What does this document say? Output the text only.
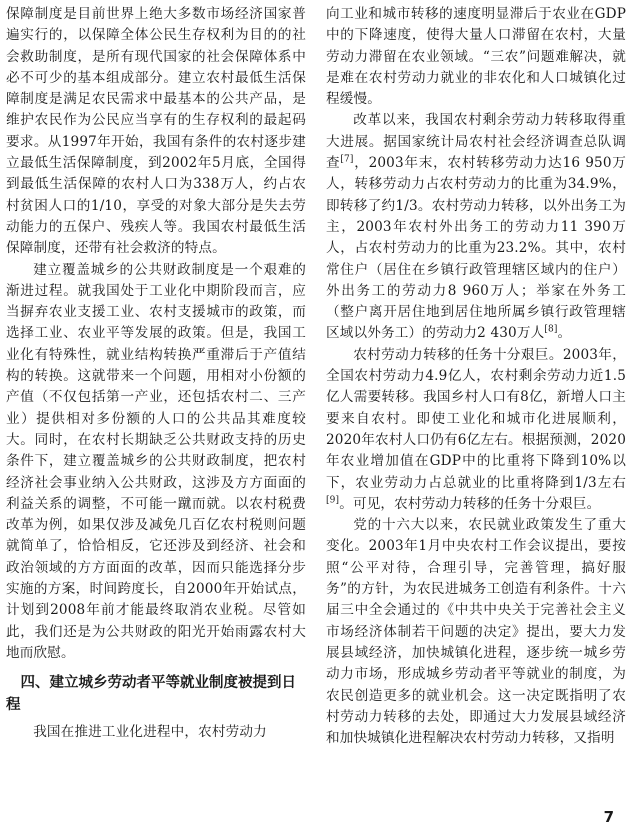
保障制度是目前世界上绝大多数市场经济国家普遍实行的，以保障全体公民生存权利为目的的社会救助制度，是所有现代国家的社会保障体系中必不可少的基本组成部分。建立农村最低生活保障制度是满足农民需求中最基本的公共产品，是维护农民作为公民应当享有的生存权利的最起码要求。从1997年开始，我国有条件的农村逐步建立最低生活保障制度，到2002年5月底，全国得到最低生活保障的农村人口为338万人，约占农村贫困人口的1/10，享受的对象大部分是失去劳动能力的五保户、残疾人等。我国农村最低生活保障制度，还带有社会救济的特点。

建立覆盖城乡的公共财政制度是一个艰难的渐进过程。就我国处于工业化中期阶段而言，应当摒弃农业支援工业、农村支援城市的政策，而选择工业、农业平等发展的政策。但是，我国工业化有特殊性，就业结构转换严重滞后于产值结构的转换。这就带来一个问题，用相对小份额的产值（不仅包括第一产业，还包括农村二、三产业）提供相对多份额的人口的公共品其难度较大。同时，在农村长期缺乏公共财政支持的历史条件下，建立覆盖城乡的公共财政制度，把农村经济社会事业纳入公共财政，这涉及方方面面的利益关系的调整，不可能一蹴而就。以农村税费改革为例，如果仅涉及减免几百亿农村税则问题就简单了，恰恰相反，它还涉及到经济、社会和政治领域的方方面面的改革，因而只能选择分步实施的方案，时间跨度长，自2000年开始试点，计划到2008年前才能最终取消农业税。尽管如此，我们还是为公共财政的阳光开始雨露农村大地而欣慰。

四、建立城乡劳动者平等就业制度被提到日程

我国在推进工业化进程中，农村劳动力

向工业和城市转移的速度明显滞后于农业在GDP中的下降速度，使得大量人口滞留在农村，大量劳动力滞留在农业领域。“三农”问题难解决，就是难在农村劳动力就业的非农化和人口城镇化过程缓慢。

改革以来，我国农村剩余劳动力转移取得重大进展。据国家统计局农村社会经济调查总队调查[7]，2003年末，农村转移劳动力达16 950万人，转移劳动力占农村劳动力的比重为34.9%，即转移了约1/3。农村劳动力转移，以外出务工为主，2003年农村外出务工的劳动力11 390万人，占农村劳动力的比重为23.2%。其中，农村常住户（居住在乡镇行政管理辖区域内的住户）外出务工的劳动力8 960万人；举家在外务工（整户离开居住地到居住地所属乡镇行政管理辖区域以外务工）的劳动力2 430万人[8]。

农村劳动力转移的任务十分艰巨。2003年，全国农村劳动力4.9亿人，农村剩余劳动力近1.5亿人需要转移。我国乡村人口有8亿，新增人口主要来自农村。即使工业化和城市化进展顺利，2020年农村人口仍有6亿左右。根据预测，2020年农业增加值在GDP中的比重将下降到10%以下，农业劳动力占总就业的比重将降到1/3左右[9]。可见，农村劳动力转移的任务十分艰巨。

党的十六大以来，农民就业政策发生了重大变化。2003年1月中央农村工作会议提出，要按照“公平对待，合理引导，完善管理，搞好服务”的方针，为农民进城务工创造有利条件。十六届三中全会通过的《中共中央关于完善社会主义市场经济体制若干问题的决定》提出，要大力发展县域经济，加快城镇化进程，逐步统一城乡劳动力市场，形成城乡劳动者平等就业的制度，为农民创造更多的就业机会。这一决定既指明了农村劳动力转移的去处，即通过大力发展县域经济和加快城镇化进程解决农村劳动力转移，又指明

7
